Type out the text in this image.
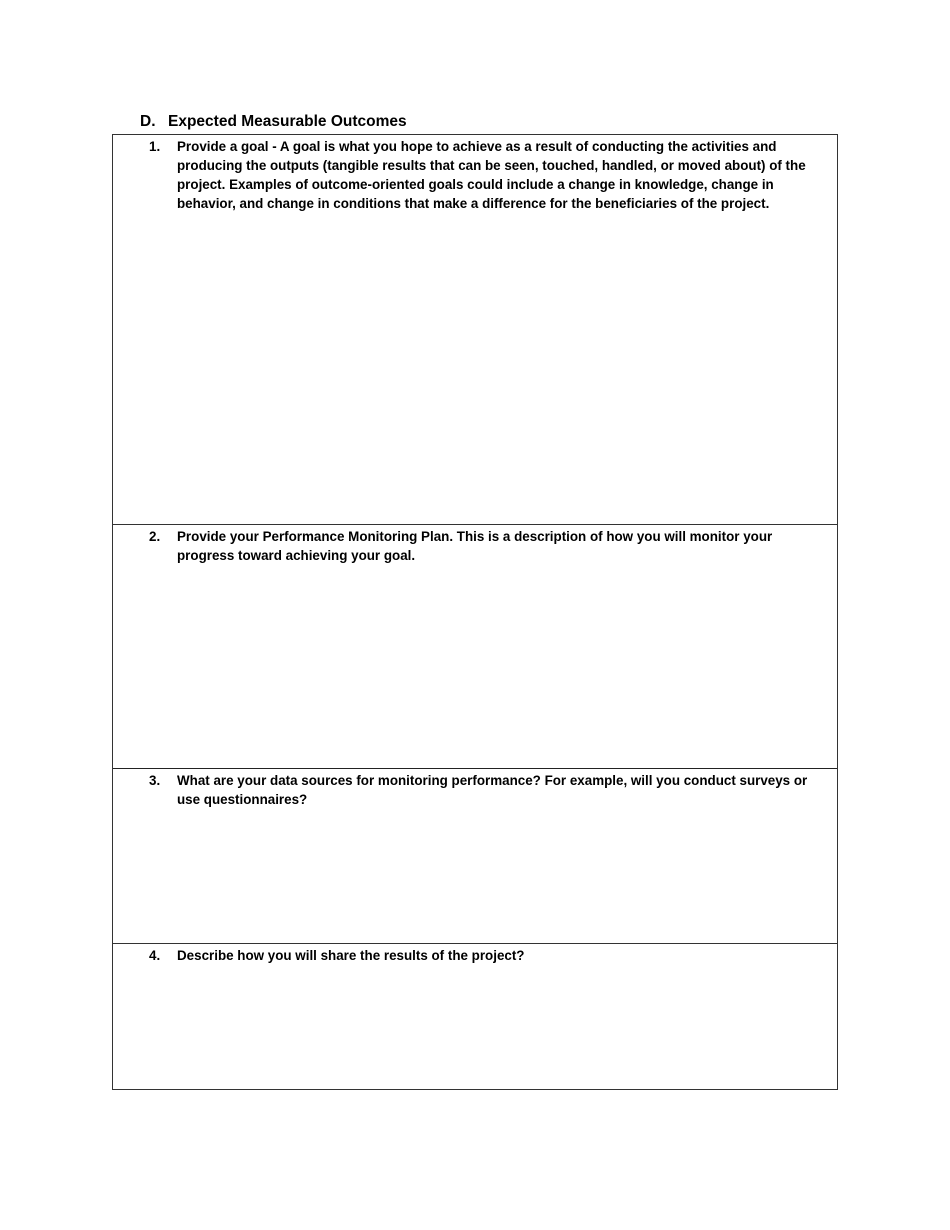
D. Expected Measurable Outcomes
1.	Provide a goal - A goal is what you hope to achieve as a result of conducting the activities and producing the outputs (tangible results that can be seen, touched, handled, or moved about) of the project. Examples of outcome-oriented goals could include a change in knowledge, change in behavior, and change in conditions that make a difference for the beneficiaries of the project.
2.	Provide your Performance Monitoring Plan. This is a description of how you will monitor your progress toward achieving your goal.
3.	What are your data sources for monitoring performance? For example, will you conduct surveys or use questionnaires?
4.	Describe how you will share the results of the project?
